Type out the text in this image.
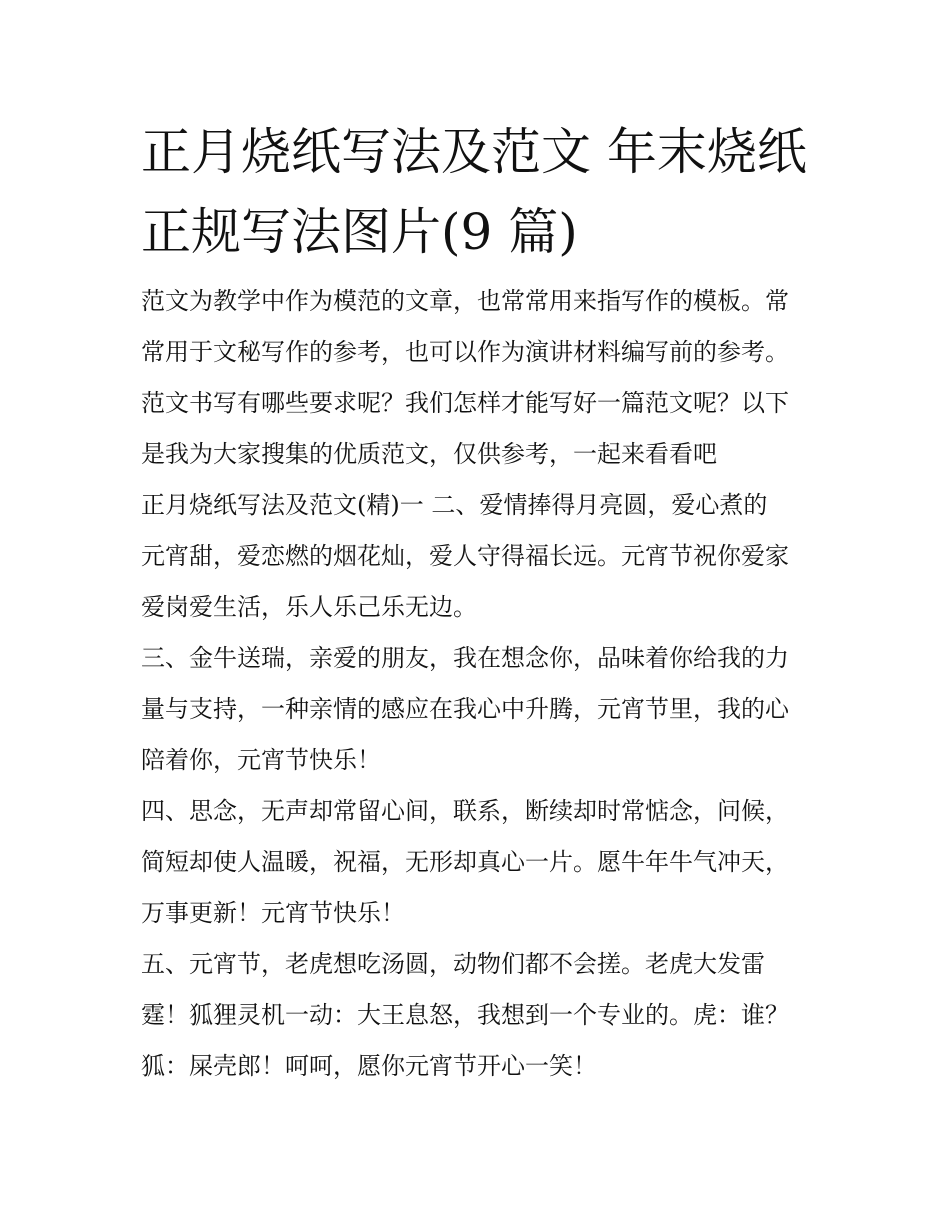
正月烧纸写法及范文 年末烧纸
正规写法图片(9 篇)
范文为教学中作为模范的文章，也常常用来指写作的模板。常
常用于文秘写作的参考，也可以作为演讲材料编写前的参考。
范文书写有哪些要求呢？我们怎样才能写好一篇范文呢？以下
是我为大家搜集的优质范文，仅供参考，一起来看看吧
正月烧纸写法及范文(精)一 二、爱情捧得月亮圆，爱心煮的
元宵甜，爱恋燃的烟花灿，爱人守得福长远。元宵节祝你爱家
爱岗爱生活，乐人乐己乐无边。
三、金牛送瑞，亲爱的朋友，我在想念你，品味着你给我的力
量与支持，一种亲情的感应在我心中升腾，元宵节里，我的心
陪着你，元宵节快乐！
四、思念，无声却常留心间，联系，断续却时常惦念，问候，
简短却使人温暖，祝福，无形却真心一片。愿牛年牛气冲天，
万事更新！元宵节快乐！
五、元宵节，老虎想吃汤圆，动物们都不会搓。老虎大发雷
霆！狐狸灵机一动：大王息怒，我想到一个专业的。虎：谁？
狐：屎壳郎！呵呵，愿你元宵节开心一笑！
